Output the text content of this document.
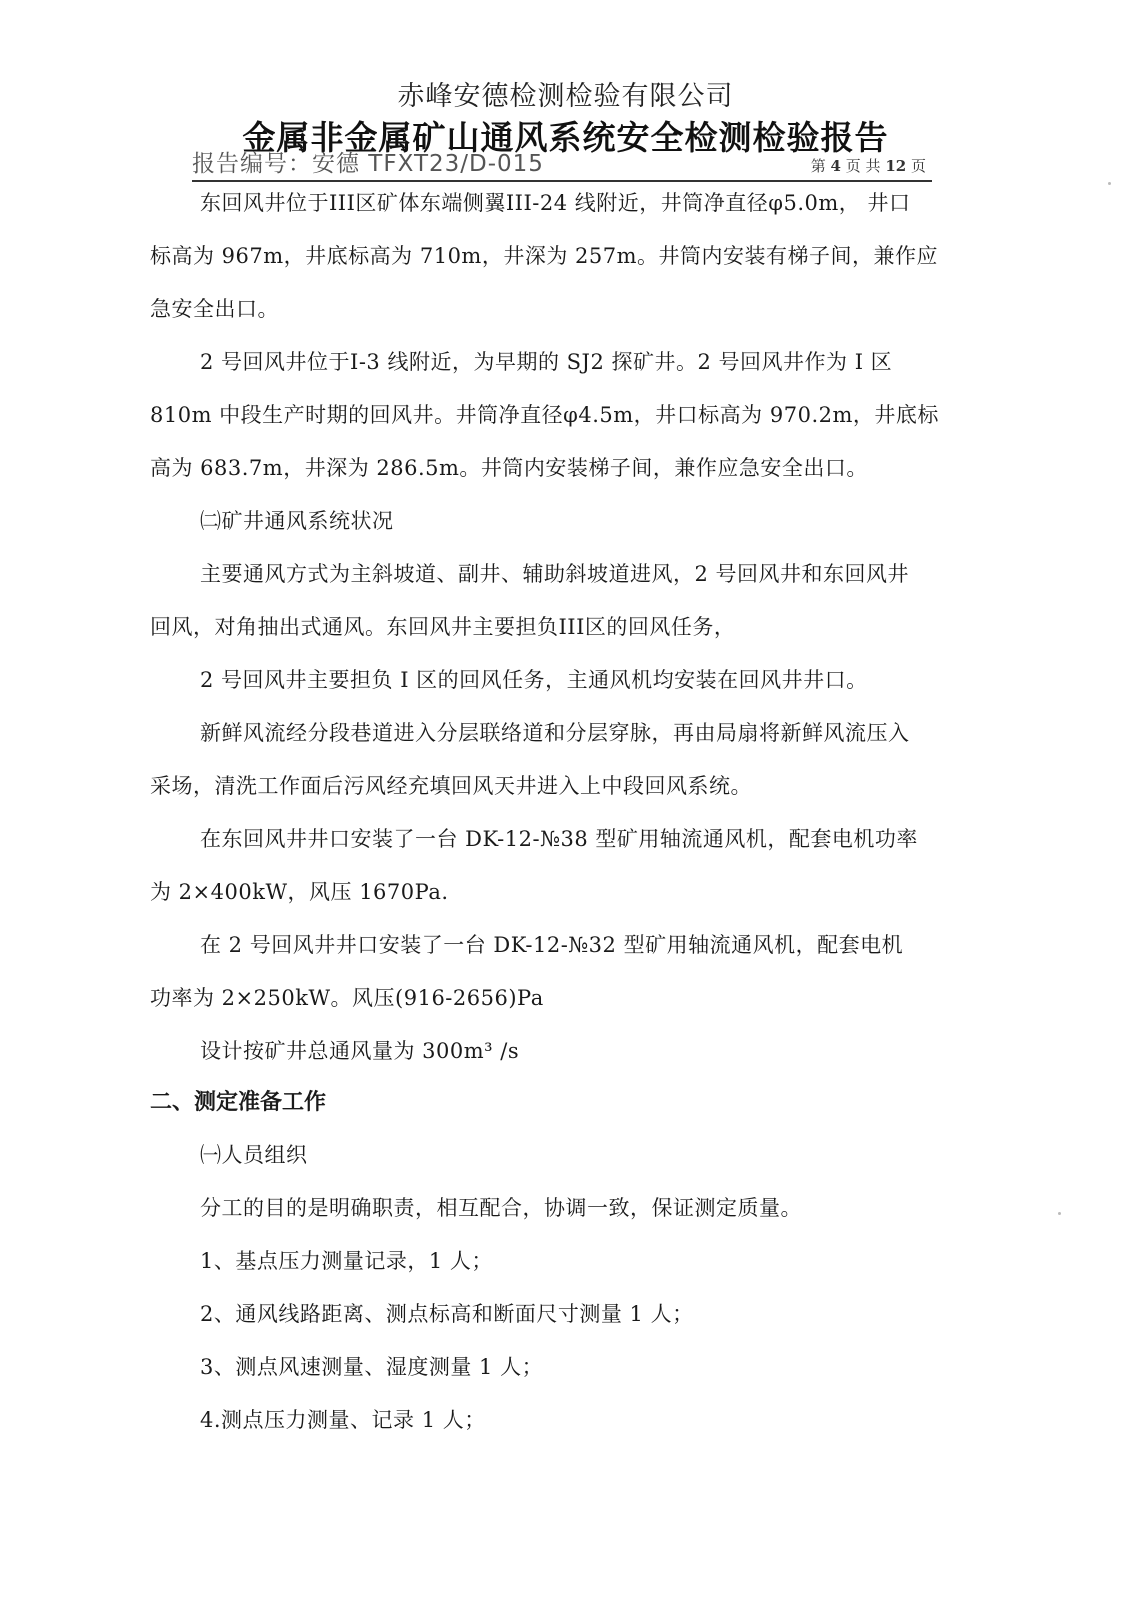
赤峰安德检测检验有限公司
金属非金属矿山通风系统安全检测检验报告
报告编号：安德 TFXT23/D-015	第 4 页 共 12 页
东回风井位于III区矿体东端侧翼III-24 线附近，井筒净直径φ5.0m， 井口
标高为 967m，井底标高为 710m，井深为 257m。井筒内安装有梯子间，兼作应
急安全出口。
2 号回风井位于Ⅰ-3 线附近，为早期的 SJ2 探矿井。2 号回风井作为 Ⅰ 区
810m 中段生产时期的回风井。井筒净直径φ4.5m，井口标高为 970.2m，井底标
高为 683.7m，井深为 286.5m。井筒内安装梯子间，兼作应急安全出口。
㈡矿井通风系统状况
主要通风方式为主斜坡道、副井、辅助斜坡道进风，2 号回风井和东回风井
回风，对角抽出式通风。东回风井主要担负III区的回风任务，
2 号回风井主要担负 Ⅰ 区的回风任务，主通风机均安装在回风井井口。
新鲜风流经分段巷道进入分层联络道和分层穿脉，再由局扇将新鲜风流压入
采场，清洗工作面后污风经充填回风天井进入上中段回风系统。
在东回风井井口安装了一台 DK-12-№38 型矿用轴流通风机，配套电机功率
为 2×400kW，风压 1670Pa.
在 2 号回风井井口安装了一台 DK-12-№32 型矿用轴流通风机，配套电机
功率为 2×250kW。风压(916-2656)Pa
设计按矿井总通风量为 300m³ /s
二、测定准备工作
㈠人员组织
分工的目的是明确职责，相互配合，协调一致，保证测定质量。
1、基点压力测量记录，1 人；
2、通风线路距离、测点标高和断面尺寸测量 1 人；
3、测点风速测量、湿度测量 1 人；
4.测点压力测量、记录 1 人；
